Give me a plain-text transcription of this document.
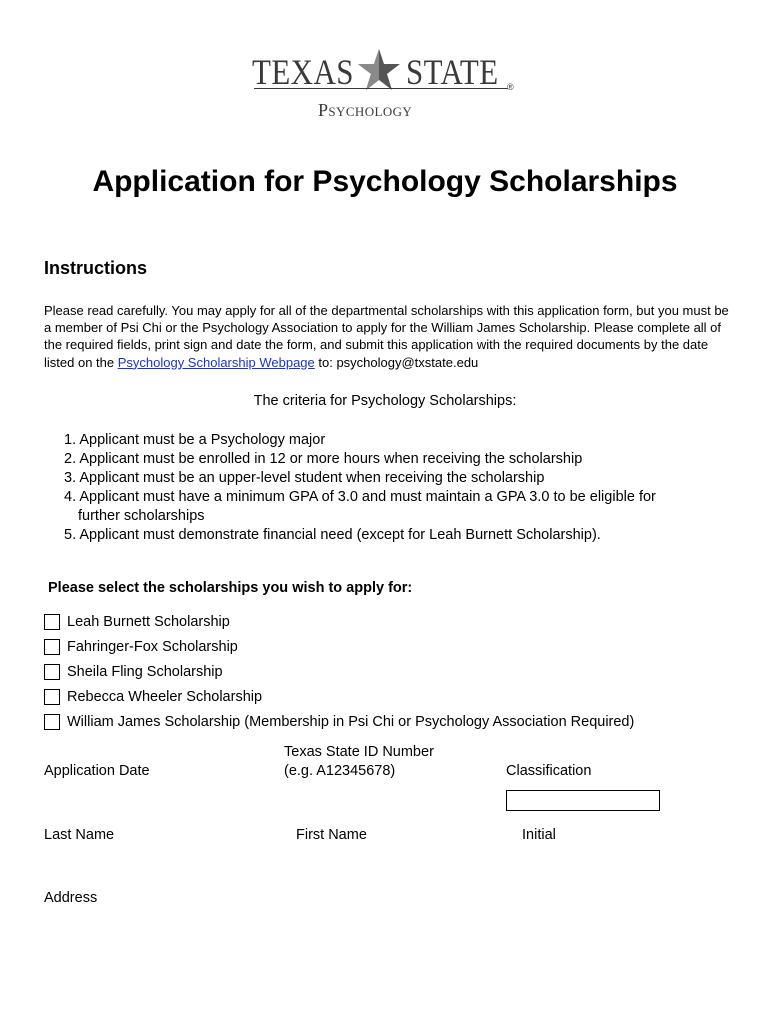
TEXAS STATE ®
Psychology
Application for Psychology Scholarships
Instructions

Please read carefully. You may apply for all of the departmental scholarships with this application form, but you must be a member of Psi Chi or the Psychology Association to apply for the William James Scholarship. Please complete all of the required fields, print sign and date the form, and submit this application with the required documents by the date listed on the Psychology Scholarship Webpage to: psychology@txstate.edu

The criteria for Psychology Scholarships:
1. Applicant must be a Psychology major
2. Applicant must be enrolled in 12 or more hours when receiving the scholarship
3. Applicant must be an upper-level student when receiving the scholarship
4. Applicant must have a minimum GPA of 3.0 and must maintain a GPA 3.0 to be eligible for
further scholarships
5. Applicant must demonstrate financial need (except for Leah Burnett Scholarship).
Please select the scholarships you wish to apply for:
Leah Burnett Scholarship
Fahringer-Fox Scholarship
Sheila Fling Scholarship
Rebecca Wheeler Scholarship
William James Scholarship (Membership in Psi Chi or Psychology Association Required)
Texas State ID Number
Application Date	(e.g. A12345678)	Classification
Last Name	First Name	Initial
Address
